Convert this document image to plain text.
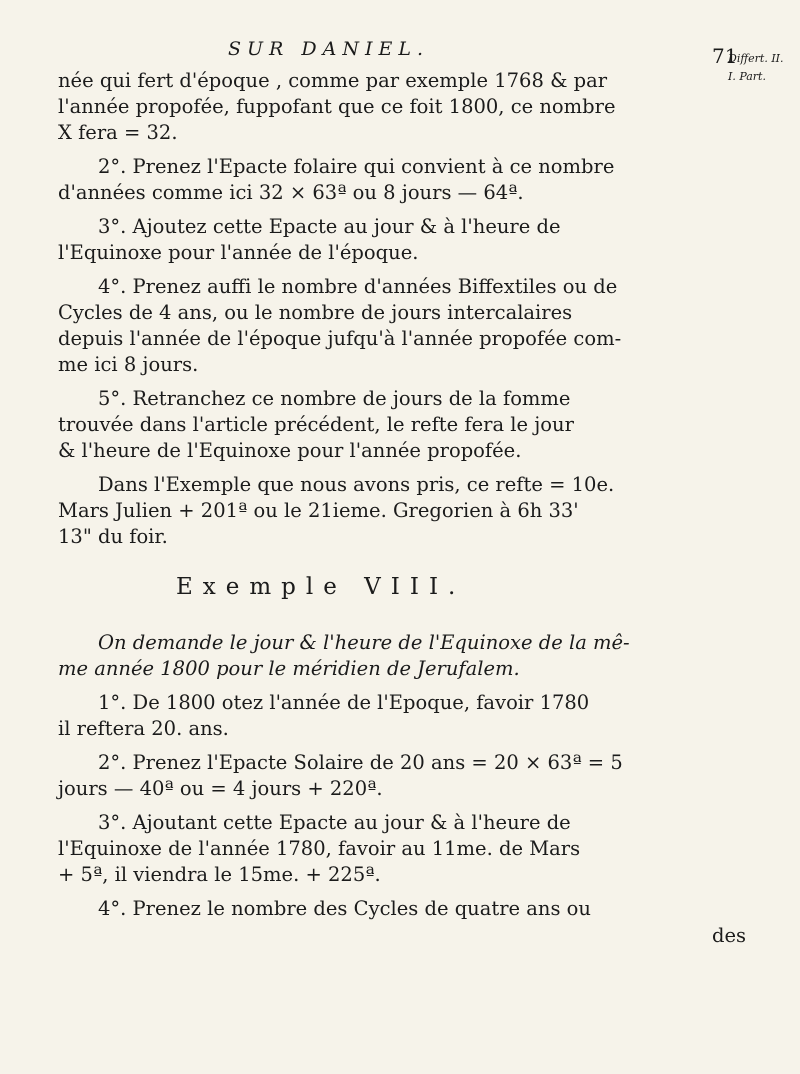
SUR DANIEL.	71
Differt. II.
I. Part.
née qui fert d'époque , comme par exemple 1768 & par
l'année propofée, fuppofant que ce foit 1800, ce nombre
X fera = 32.
2°. Prenez l'Epacte folaire qui convient à ce nombre
d'années comme ici 32 × 63ª ou 8 jours — 64ª.
3°. Ajoutez cette Epacte au jour & à l'heure de
l'Equinoxe pour l'année de l'époque.
4°. Prenez auffi le nombre d'années Biffextiles ou de
Cycles de 4 ans, ou le nombre de jours intercalaires
depuis l'année de l'époque jufqu'à l'année propofée com-
me ici 8 jours.
5°. Retranchez ce nombre de jours de la fomme
trouvée dans l'article précédent, le refte fera le jour
& l'heure de l'Equinoxe pour l'année propofée.
Dans l'Exemple que nous avons pris, ce refte = 10e.
Mars Julien + 201ª ou le 21ieme. Gregorien à 6h 33'
13" du foir.
Exemple VIII.
On demande le jour & l'heure de l'Equinoxe de la mê-
me année 1800 pour le méridien de Jerufalem.
1°. De 1800 otez l'année de l'Epoque, favoir 1780
il reftera 20. ans.
2°. Prenez l'Epacte Solaire de 20 ans = 20 × 63ª = 5
jours — 40ª ou = 4 jours + 220ª.
3°. Ajoutant cette Epacte au jour & à l'heure de
l'Equinoxe de l'année 1780, favoir au 11me. de Mars
+ 5ª, il viendra le 15me. + 225ª.
4°. Prenez le nombre des Cycles de quatre ans ou
des
